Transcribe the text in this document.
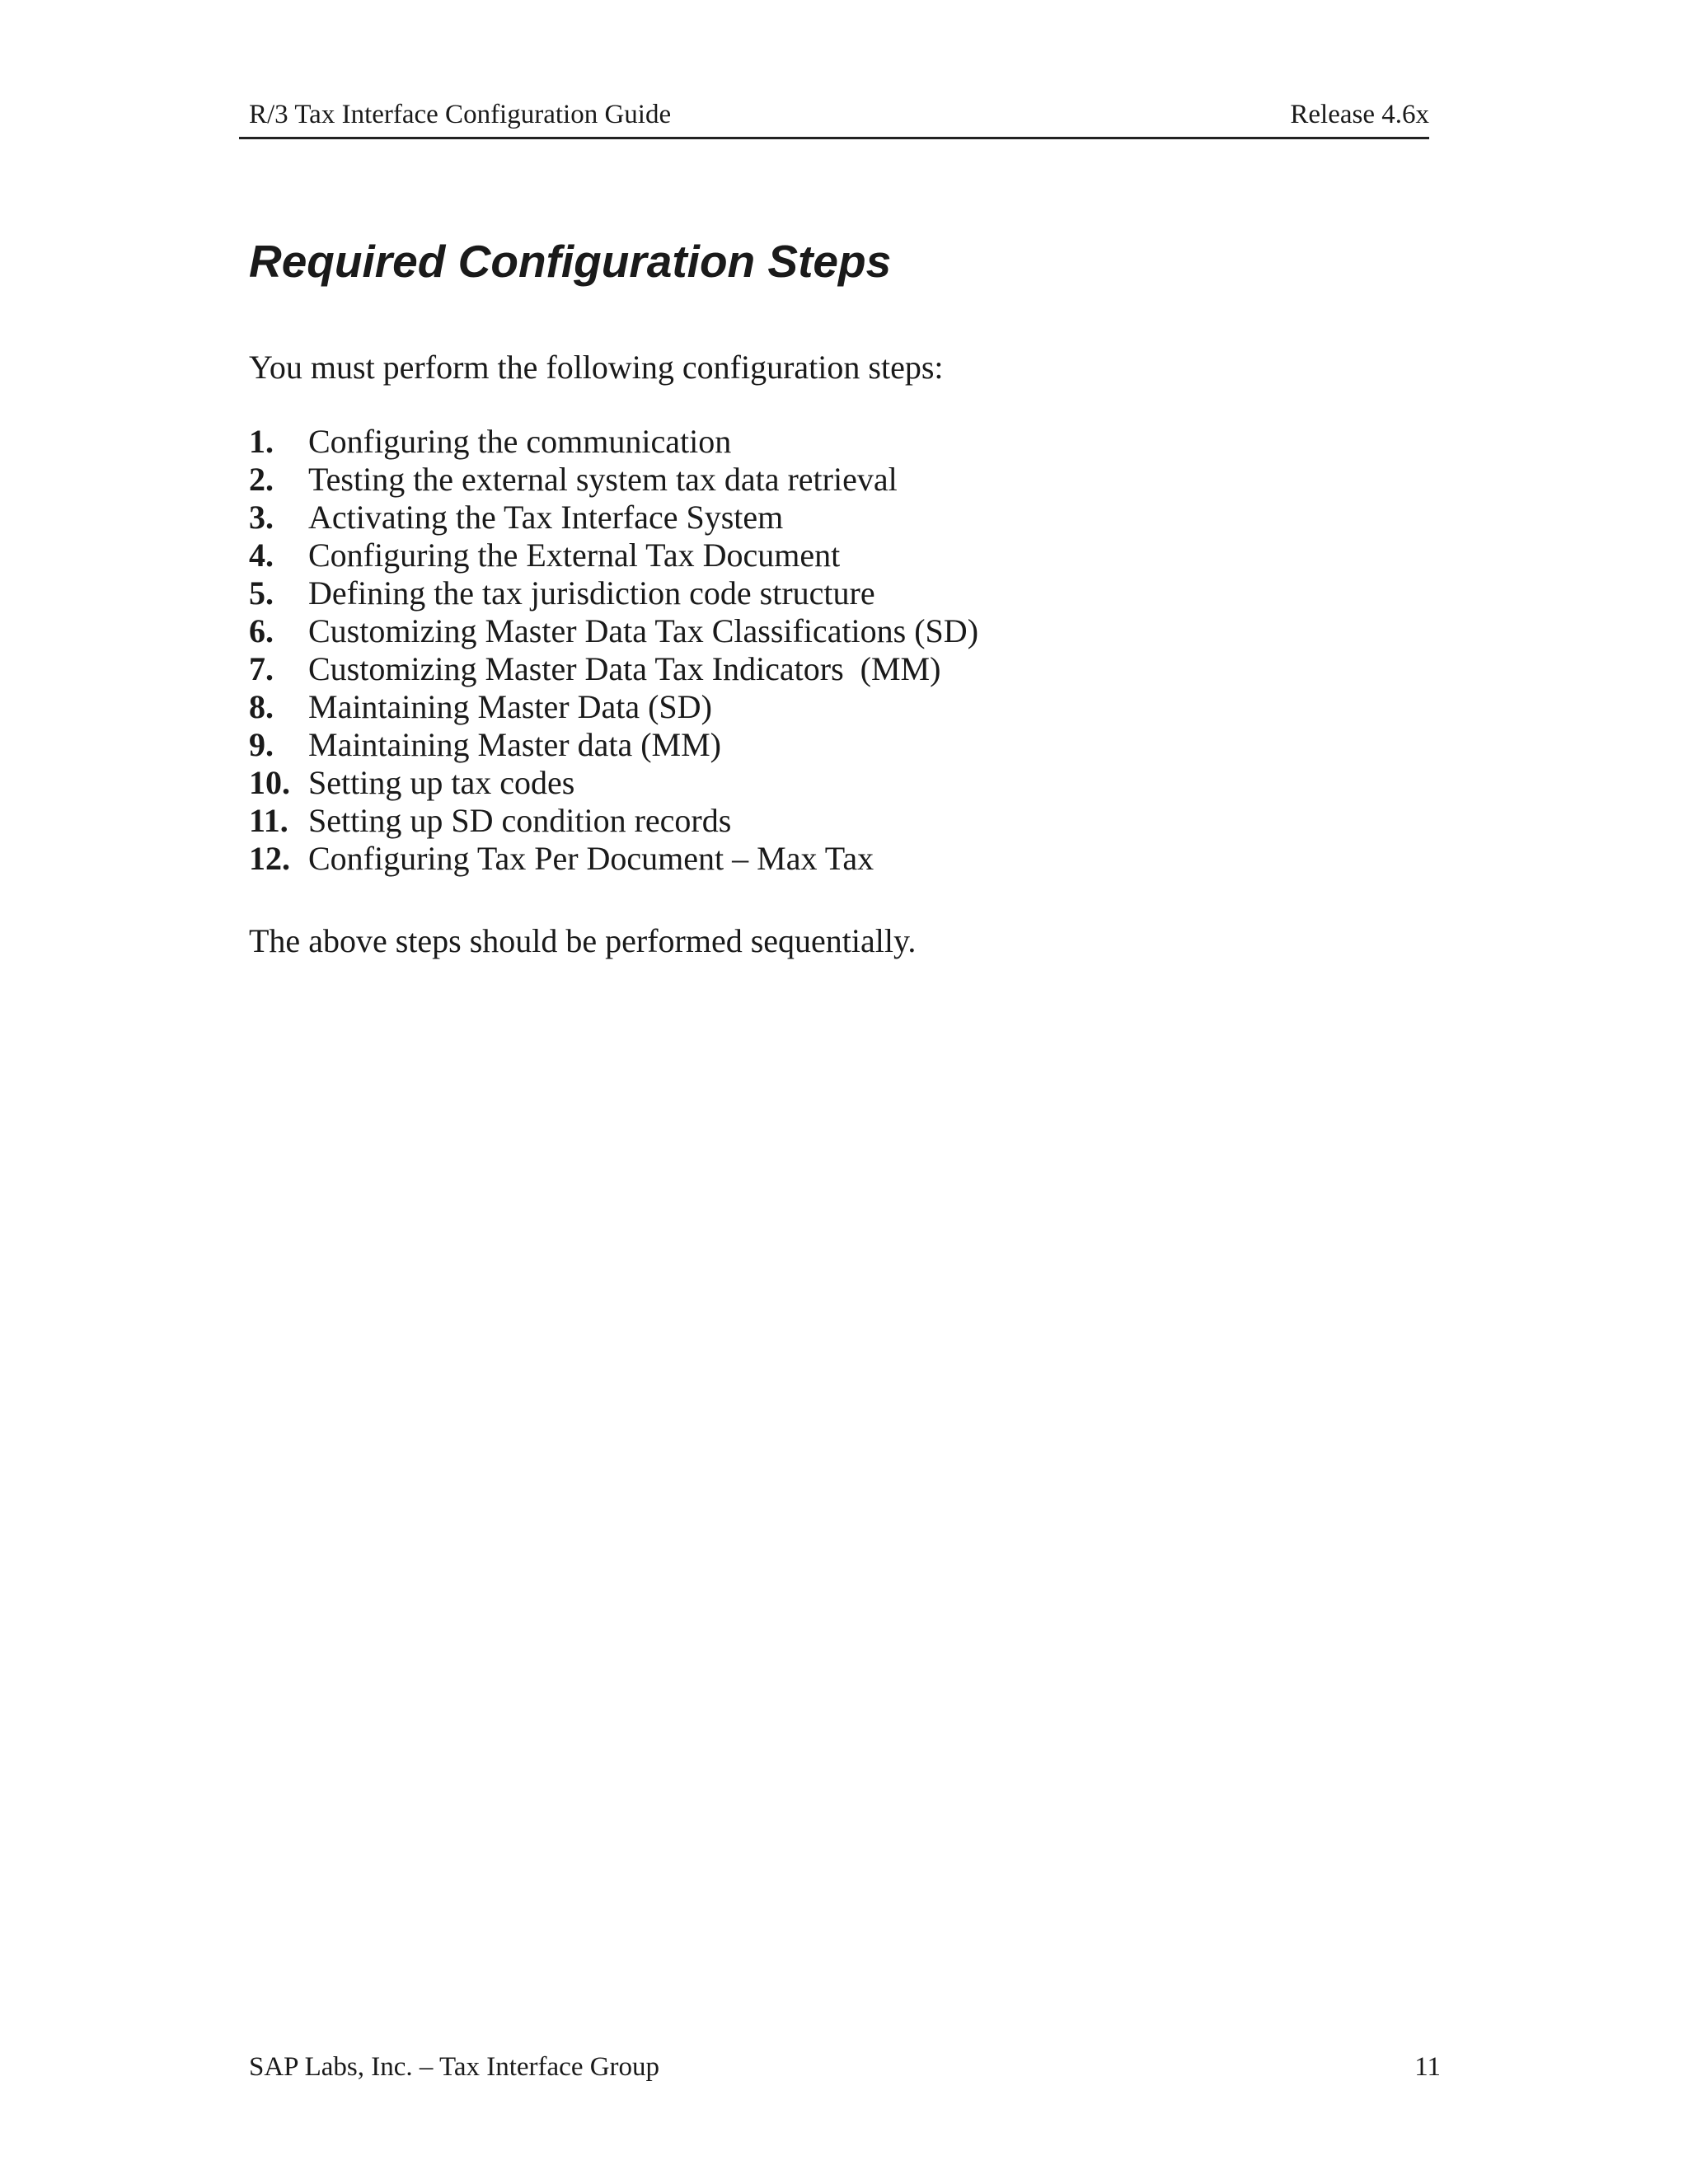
R/3 Tax Interface Configuration Guide	Release 4.6x
Required Configuration Steps
You must perform the following configuration steps:
1. Configuring the communication
2. Testing the external system tax data retrieval
3. Activating the Tax Interface System
4. Configuring the External Tax Document
5. Defining the tax jurisdiction code structure
6. Customizing Master Data Tax Classifications (SD)
7. Customizing Master Data Tax Indicators  (MM)
8. Maintaining Master Data (SD)
9. Maintaining Master data (MM)
10. Setting up tax codes
11. Setting up SD condition records
12. Configuring Tax Per Document – Max Tax
The above steps should be performed sequentially.
SAP Labs, Inc. – Tax Interface Group	11
